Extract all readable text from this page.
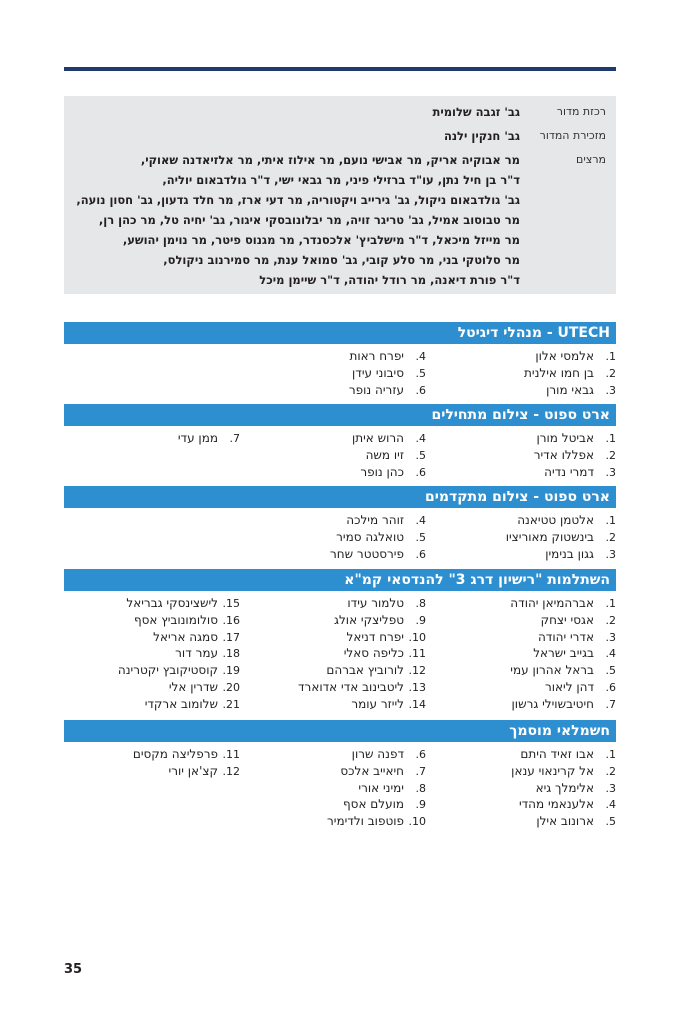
רכזת מדור
גב' זגבה שלומית
מזכירת המדור
גב' חנקין ילנה
מרצים
מר אבוקיה אריק, מר אבישי נועם, מר אילוז איתי, מר אלזיאדנה שאוקי,
ד"ר בן חיל נתן, עו"ד ברזילי פיני, מר גבאי ישי, ד"ר גולדבאום יוליה,
גב' גולדבאום ניקול, גב' גירייב ויקטוריה, מר דעי ארז, מר חלד גדעון, גב' חסון נועה,
מר טבוסוב אמיל, גב' טריגר זויה, מר יבלונובסקי איגור, גב' יחיה טל, מר כהן רן,
מר מייזל מיכאל, ד"ר מישלביץ' אלכסנדר, מר מגנוס פיטר, מר נוימן יהושע,
מר סלוטקי בני, מר סלע קובי, גב' סמואל ענת, מר סמירנוב ניקולס,
ד"ר פורת דיאנה, מר רודל יהודה, ד"ר שיימן מיכל
UTECH - מנהלי דיגיטל
1.אלמסי אלון
2.בן חמו אילנית
3.גבאי מורן
4.יפרח ראות
5.סיבוני עידן
6.עזריה נופר
ארט ספוט - צילום מתחילים
1.אביטל מורן
2.אפללו אדיר
3.דמרי נדיה
4.הרוש איתן
5.זיו משה
6.כהן נופר
7.ממן עדי
ארט ספוט - צילום מתקדמים
1.אלטמן טטיאנה
2.בינשטוק מאוריציו
3.גגון בנימין
4.זוהר מילכה
5.טואלגה סמיר
6.פירסטטר שחר
השתלמות "רישיון דרג 3" להנדסאי קמ"א
1.אברהמיאן יהודה
2.אגסי יצחק
3.אדרי יהודה
4.בגייב ישראל
5.בראל אהרון עמי
6.דהן ליאור
7.חיטיבשוילי גרשון
8.טלמור עידו
9.טפליצקי אולג
10.יפרח דניאל
11.כליפה סאלי
12.לורוביץ אברהם
13.ליטבינוב אדי אדוארד
14.לייזר עומר
15.לישצינסקי גבריאל
16.סולומונוביץ אסף
17.סמגה אריאל
18.עמר דור
19.קוסטיקובץ יקטרינה
20.שדרין אלי
21.שלומוב ארקדי
חשמלאי מוסמך
1.אבו זאיד היתם
2.אל קרינאוי ענאן
3.אלימלך גיא
4.אלענאמי מהדי
5.ארונוב אילן
6.דפנה שרון
7.חיאייב אלכס
8.ימיני אורי
9.מועלם אסף
10.פוטפוב ולדימיר
11.פרפליצה מקסים
12.קצ'אן יורי
35
